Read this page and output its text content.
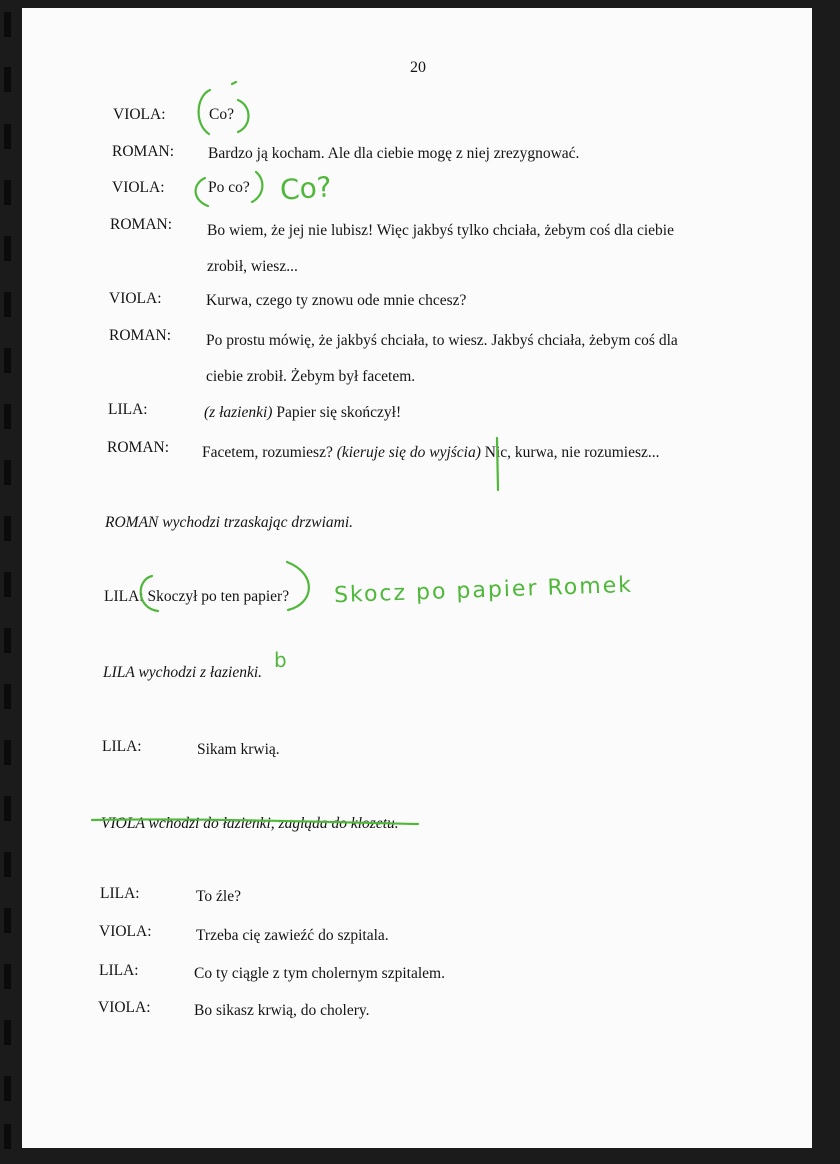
20
VIOLA:	Co?
ROMAN: Bardzo ją kocham. Ale dla ciebie mogę z niej zrezygnować.
VIOLA:	Po co?
ROMAN: Bo wiem, że jej nie lubisz! Więc jakbyś tylko chciała, żebym coś dla ciebie
zrobił, wiesz...
VIOLA:	Kurwa, czego ty znowu ode mnie chcesz?
ROMAN: Po prostu mówię, że jakbyś chciała, to wiesz. Jakbyś chciała, żebym coś dla
ciebie zrobił. Żebym był facetem.
LILA:	(z łazienki) Papier się skończył!
ROMAN: Facetem, rozumiesz? (kieruje się do wyjścia) Nic, kurwa, nie rozumiesz...
ROMAN wychodzi trzaskając drzwiami.
LILA: Skoczył po ten papier?
LILA wychodzi z łazienki.
LILA:	Sikam krwią.
VIOLA wchodzi do łazienki, zagląda do klozetu.
LILA:	To źle?
VIOLA:	Trzeba cię zawieźć do szpitala.
LILA:	Co ty ciągle z tym cholernym szpitalem.
VIOLA:	Bo sikasz krwią, do cholery.
Co?
Skocz po papier Romek
b
